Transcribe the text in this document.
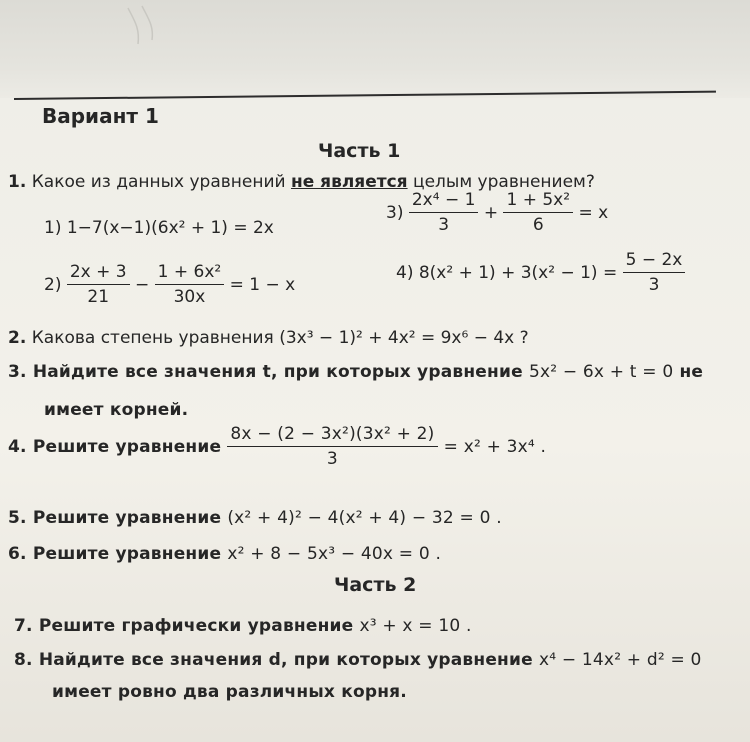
Вариант 1
Часть 1
1. Какое из данных уравнений не является целым уравнением?
1) 1−7(x−1)(6x² + 1) = 2x
$2) \frac{2x + 3}{21} - \frac{\text{1 + 6x²}}{30x} = 1 - x$
$3) \frac{\text{2x⁴ − 1}}{3} + \frac{\text{1 + 5x²}}{6} = x$
4) $8(x^2 + 1) + 3(x^2 - 1) = \frac{5 - 2x}{3}$
2. Какова степень уравнения (3x³ − 1)² + 4x² = 9x⁶ − 4x ?
3. Найдите все значения t, при которых уравнение 5x² − 6x + t = 0 не
имеет корней.
4. Решите уравнение $\frac{\text{8x − (2 − 3x²)(3x² + 2)}}{3} = x^2 + 3x^4$ .
5. Решите уравнение (x² + 4)² − 4(x² + 4) − 32 = 0 .
6. Решите уравнение x² + 8 − 5x³ − 40x = 0 .
Часть 2
7. Решите графически уравнение x³ + x = 10 .
8. Найдите все значения d, при которых уравнение x⁴ − 14x² + d² = 0
имеет ровно два различных корня.
